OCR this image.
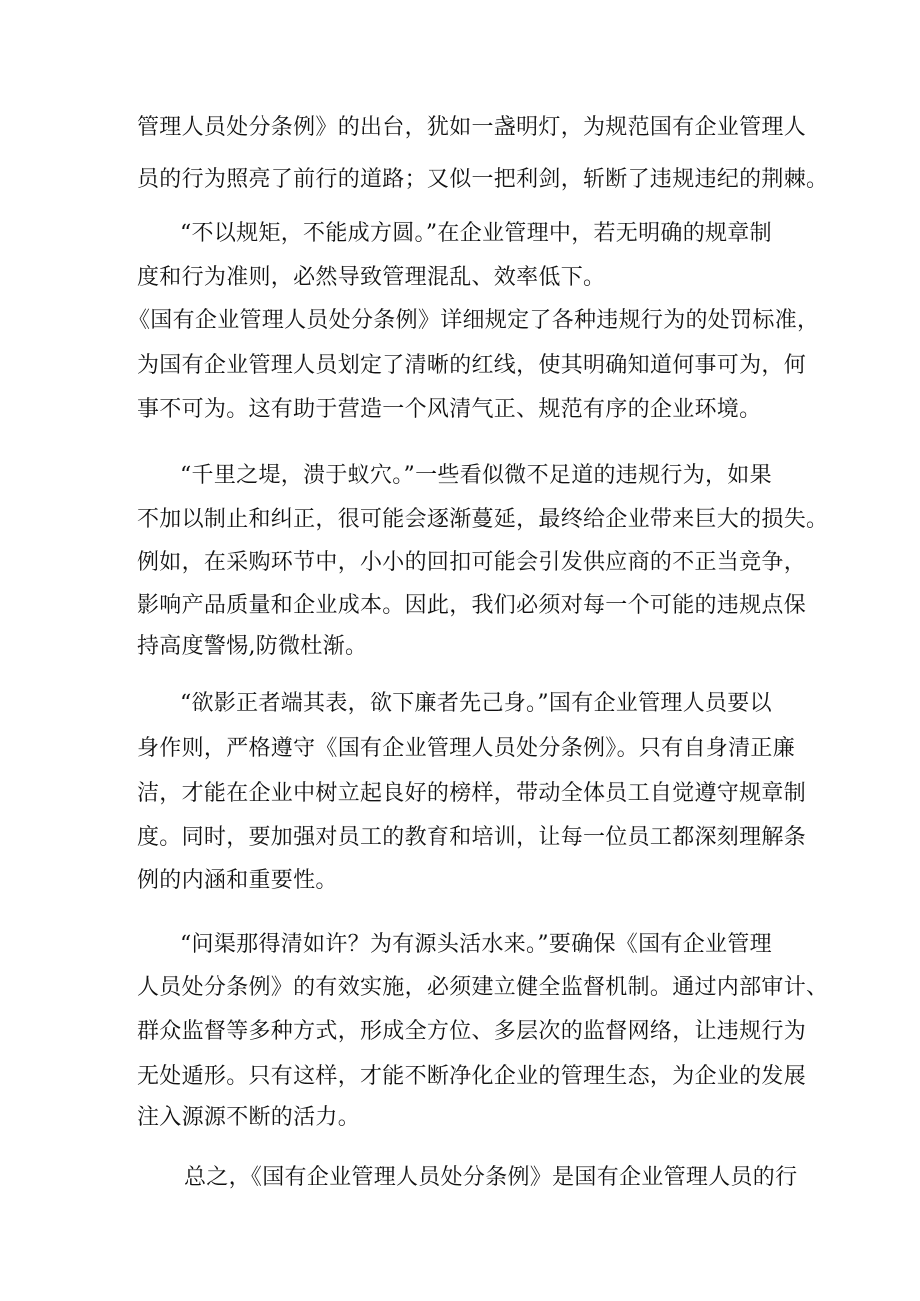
管理人员处分条例》的出台，犹如一盏明灯，为规范国有企业管理人

员的行为照亮了前行的道路；又似一把利剑，斩断了违规违纪的荆棘。

“不以规矩，不能成方圆。”在企业管理中，若无明确的规章制

度和行为准则，必然导致管理混乱、效率低下。

《国有企业管理人员处分条例》详细规定了各种违规行为的处罚标准，

为国有企业管理人员划定了清晰的红线，使其明确知道何事可为，何

事不可为。这有助于营造一个风清气正、规范有序的企业环境。

“千里之堤，溃于蚁穴。”一些看似微不足道的违规行为，如果

不加以制止和纠正，很可能会逐渐蔓延，最终给企业带来巨大的损失。

例如，在采购环节中，小小的回扣可能会引发供应商的不正当竞争，

影响产品质量和企业成本。因此，我们必须对每一个可能的违规点保

持高度警惕,防微杜渐。

“欲影正者端其表，欲下廉者先己身。”国有企业管理人员要以

身作则，严格遵守《国有企业管理人员处分条例》。只有自身清正廉

洁，才能在企业中树立起良好的榜样，带动全体员工自觉遵守规章制

度。同时，要加强对员工的教育和培训，让每一位员工都深刻理解条

例的内涵和重要性。

“问渠那得清如许？为有源头活水来。”要确保《国有企业管理

人员处分条例》的有效实施，必须建立健全监督机制。通过内部审计、

群众监督等多种方式，形成全方位、多层次的监督网络，让违规行为

无处遁形。只有这样，才能不断净化企业的管理生态，为企业的发展

注入源源不断的活力。

总之，《国有企业管理人员处分条例》是国有企业管理人员的行
